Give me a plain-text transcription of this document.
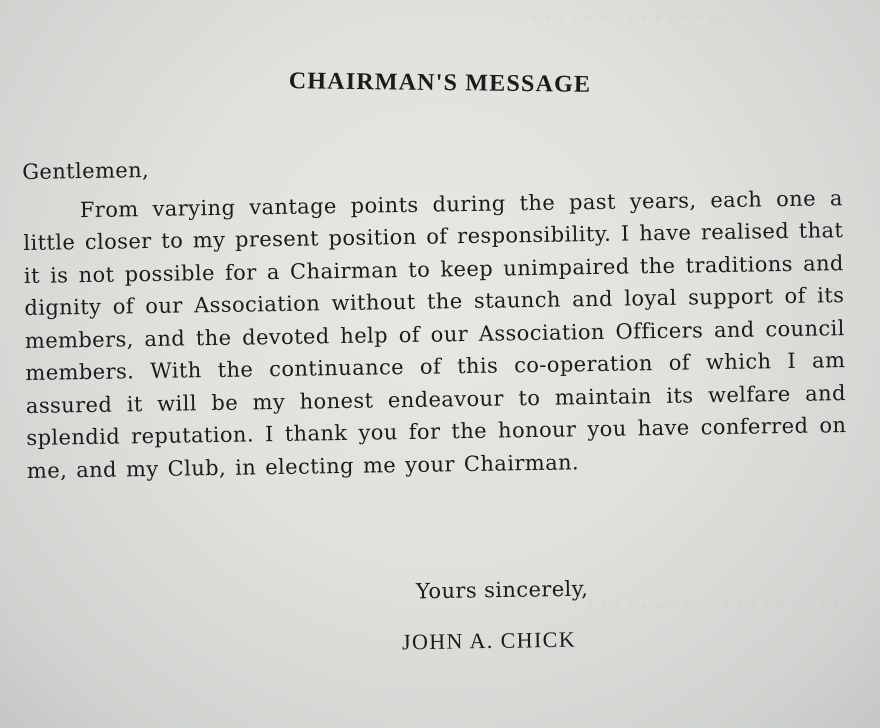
· · · · · · · · · · · · · · ·
· · · · · · · · · · · · · · · · · · · ·
CHAIRMAN'S MESSAGE

Gentlemen,

From varying vantage points during the past years, each one a little closer to my present position of responsibility. I have realised that it is not possible for a Chairman to keep unimpaired the traditions and dignity of our Association without the staunch and loyal support of its members, and the devoted help of our Association Officers and council members. With the continuance of this co-operation of which I am assured it will be my honest endeavour to maintain its welfare and splendid reputation. I thank you for the honour you have conferred on me, and my Club, in electing me your Chairman.

Yours sincerely,
JOHN A. CHICK
